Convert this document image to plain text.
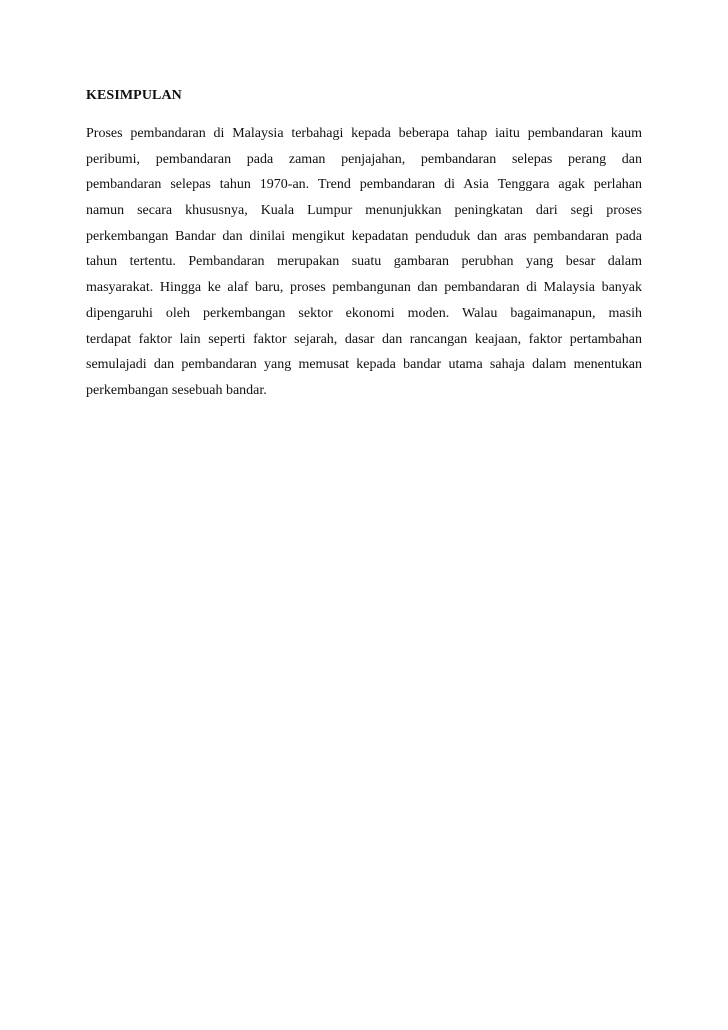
KESIMPULAN
Proses pembandaran di Malaysia terbahagi kepada beberapa tahap iaitu pembandaran kaum
peribumi, pembandaran pada zaman penjajahan, pembandaran selepas perang dan
pembandaran selepas tahun 1970-an. Trend pembandaran di Asia Tenggara agak perlahan
namun secara khususnya, Kuala Lumpur menunjukkan peningkatan dari segi proses
perkembangan Bandar dan dinilai mengikut kepadatan penduduk dan aras pembandaran pada
tahun tertentu. Pembandaran merupakan suatu gambaran perubhan yang besar dalam
masyarakat. Hingga ke alaf baru, proses pembangunan dan pembandaran di Malaysia banyak
dipengaruhi oleh perkembangan sektor ekonomi moden. Walau bagaimanapun, masih
terdapat faktor lain seperti faktor sejarah, dasar dan rancangan keajaan, faktor pertambahan
semulajadi dan pembandaran yang memusat kepada bandar utama sahaja dalam menentukan
perkembangan sesebuah bandar.
